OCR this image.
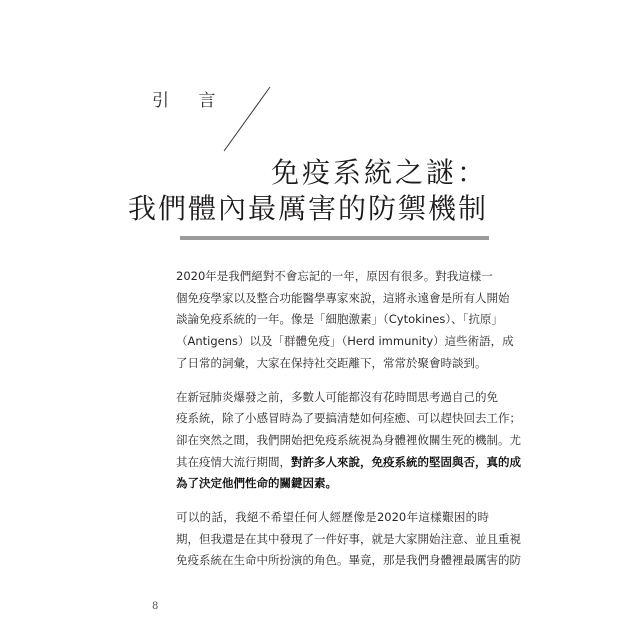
引 言
免疫系統之謎：
我們體內最厲害的防禦機制

2020年是我們絕對不會忘記的一年，原因有很多。對我這樣一
個免疫學家以及整合功能醫學專家來說，這將永遠會是所有人開始
談論免疫系統的一年。像是「細胞激素」（Cytokines）、「抗原」
（Antigens）以及「群體免疫」（Herd immunity）這些術語，成
了日常的詞彙，大家在保持社交距離下，常常於聚會時談到。

在新冠肺炎爆發之前，多數人可能都沒有花時間思考過自己的免
疫系統，除了小感冒時為了要搞清楚如何痊癒、可以趕快回去工作；
卻在突然之間，我們開始把免疫系統視為身體裡攸關生死的機制。尤
其在疫情大流行期間，對許多人來說，免疫系統的堅固與否，真的成
為了決定他們性命的關鍵因素。

可以的話，我絕不希望任何人經歷像是2020年這樣艱困的時
期，但我還是在其中發現了一件好事，就是大家開始注意、並且重視
免疫系統在生命中所扮演的角色。畢竟，那是我們身體裡最厲害的防

8
